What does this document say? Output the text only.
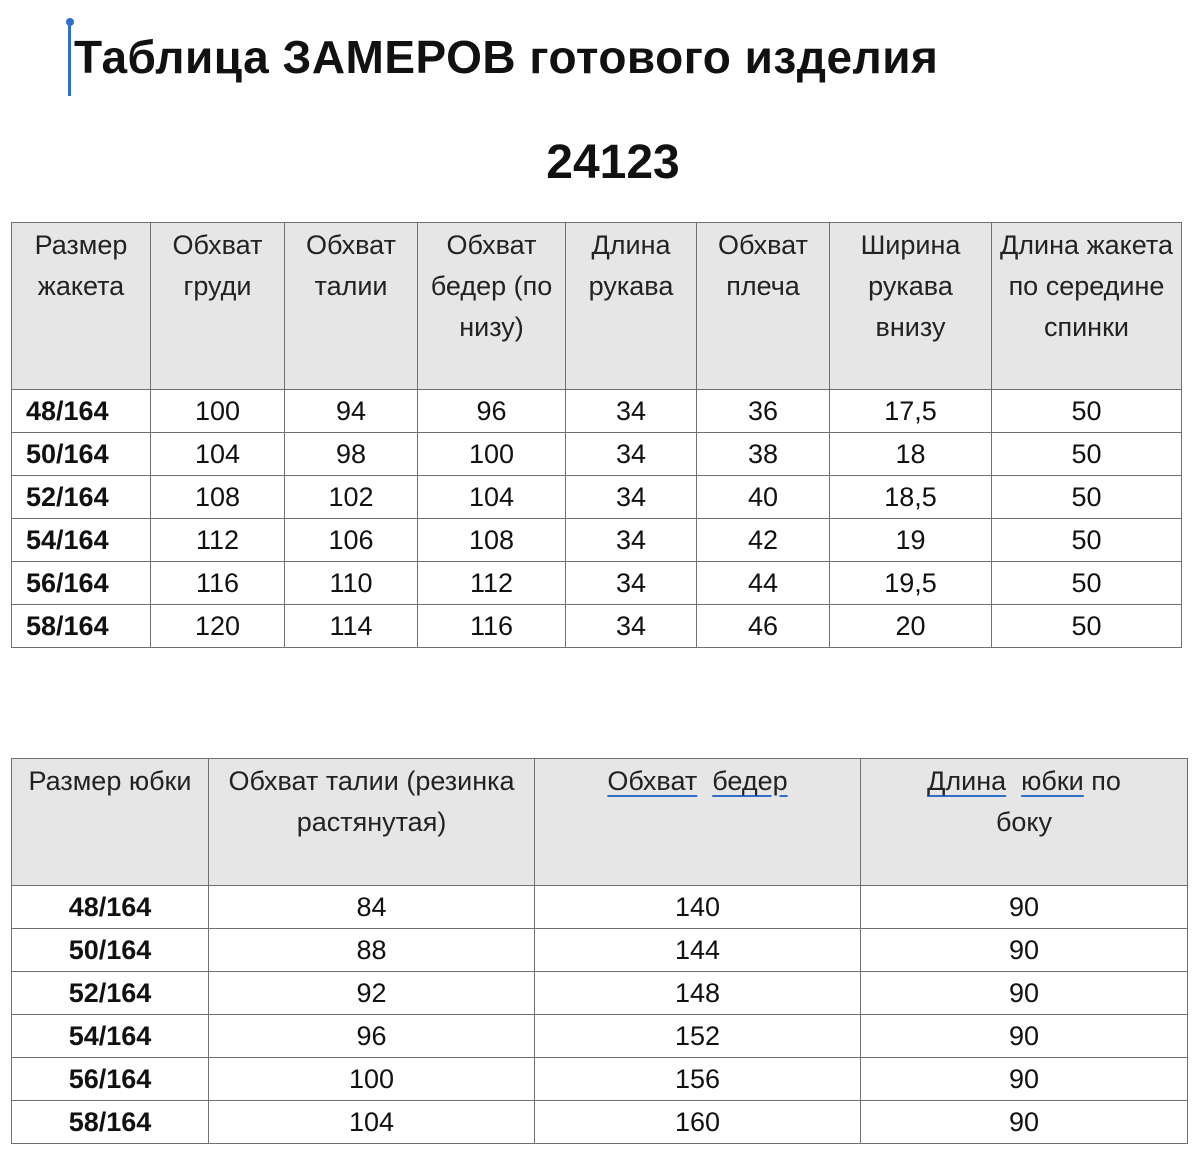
Таблица ЗАМЕРОВ готового изделия
24123
Размер жакета	Обхват груди	Обхват талии	Обхват бедер (по низу)	Длина рукава	Обхват плеча	Ширина рукава внизу	Длина жакета по середине спинки
48/164	100	94	96	34	36	17,5	50
50/164	104	98	100	34	38	18	50
52/164	108	102	104	34	40	18,5	50
54/164	112	106	108	34	42	19	50
56/164	116	110	112	34	44	19,5	50
58/164	120	114	116	34	46	20	50
Размер юбки	Обхват талии (резинка растянутая)	Обхват бедер	Длина юбки по
боку
48/164	84	140	90
50/164	88	144	90
52/164	92	148	90
54/164	96	152	90
56/164	100	156	90
58/164	104	160	90
